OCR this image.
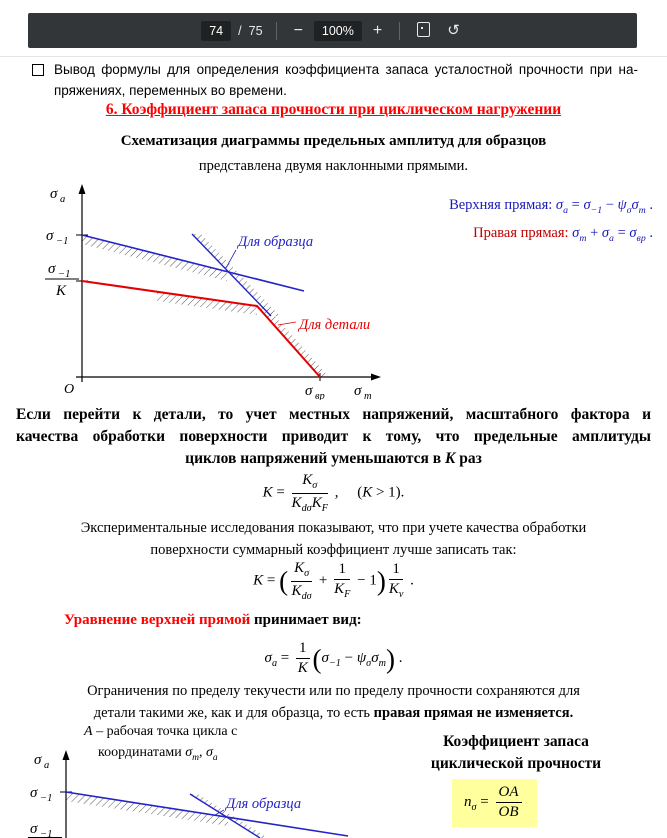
74	/ 75 −	100%	+	↺
Вывод формулы для определения коэффициента запаса усталостной прочности при на-
пряжениях, переменных во времени.
6. Коэффициент запаса прочности при циклическом нагружении
Схематизация диаграммы предельных амплитуд для образцов
представлена двумя наклонными прямыми.
σ a
σ m
O
σ −1
σ −1
K
σ вр
Для образца
Для детали
Верхняя прямая: $\sigma_a = \sigma_{-1} - \psi_\sigma\sigma_m$ .
Правая прямая: $\sigma_m + \sigma_a = \sigma_{вр}$ .
Если перейти к детали, то учет местных напряжений, масштабного фактора и
качества обработки поверхности приводит к тому, что предельные амплитуды
циклов напряжений уменьшаются в K раз
$K = \frac{K_\sigma}{K_{d\sigma}K_F}$ ,     (K > 1).
Экспериментальные исследования показывают, что при учете качества обработки
поверхности суммарный коэффициент лучше записать так:
K = ( $\frac{K_\sigma}{K_{d\sigma}} + \frac{1}{K_F} - 1) \frac{1}{K_v}$ .
Уравнение верхней прямой принимает вид:
$\sigma_a = \frac{1}{K} (\sigma_{-1} - \psi_\sigma\sigma_m)$ .
Ограничения по пределу текучести или по пределу прочности сохраняются для
детали такими же, как и для образца, то есть правая прямая не изменяется.
A – рабочая точка цикла с
координатами $\sigma_m$, $\sigma_a$
Коэффициент запаса
циклической прочности
$n_\sigma = \frac{OA}{OB}$
σ a
σ −1	Для образца
σ −1
